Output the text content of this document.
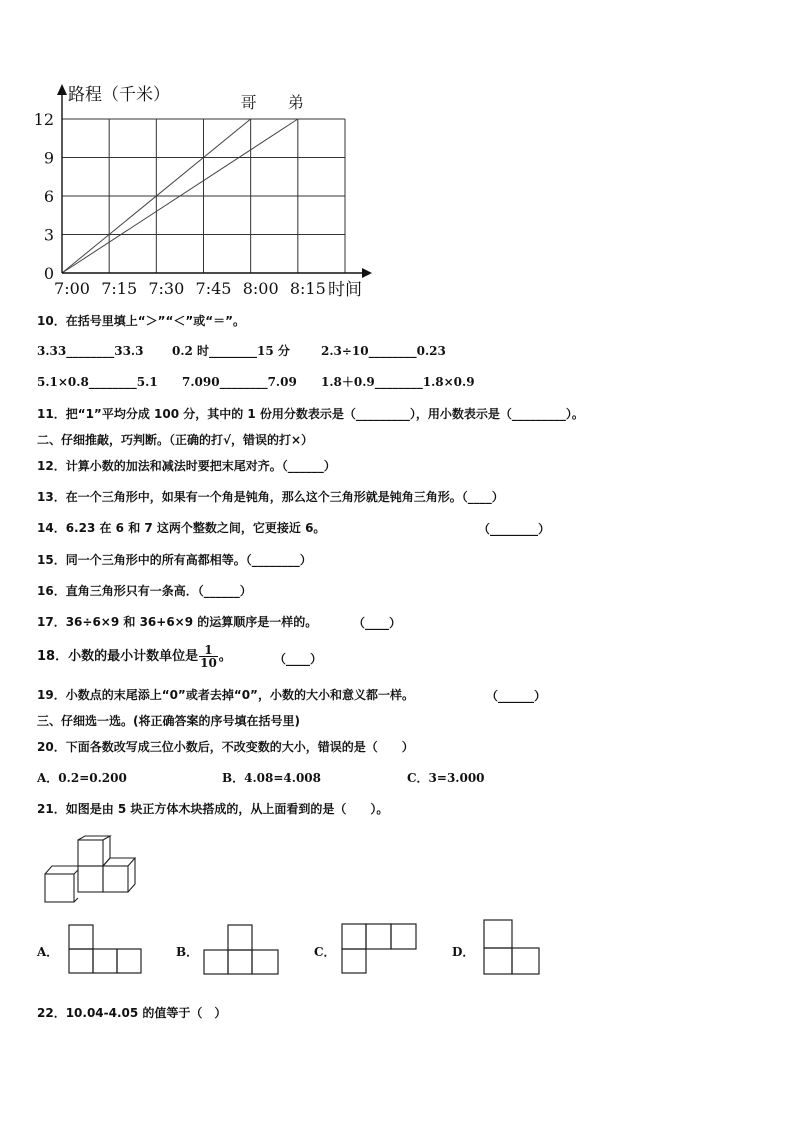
哥 弟
0
3
6
9
12
7:00 7:15 7:30 7:45 8:00 8:15
路程（千米）
时间
10．在括号里填上“＞”“＜”或“＝”。
3.33________33.3 0.2 时________15 分	2.3÷10________0.23
5.1×0.8________5.1 7.090________7.09 1.8＋0.9________1.8×0.9
11．把“1”平均分成 100 分，其中的 1 份用分数表示是（_________），用小数表示是（_________）。
二、仔细推敲，巧判断。（正确的打√，错误的打×）
12．计算小数的加法和减法时要把末尾对齐。（______）
13．在一个三角形中，如果有一个角是钝角，那么这个三角形就是钝角三角形。（____）
14．6.23 在 6 和 7 这两个整数之间，它更接近 6。	（________）
15．同一个三角形中的所有高都相等。（________）
16．直角三角形只有一条高．（______）
17．36÷6×9 和 36+6×9 的运算顺序是一样的。	（____）
18．小数的最小计数单位是 $\frac{1}{10}$ 。	（____）
19．小数点的末尾添上“0”或者去掉“0”，小数的大小和意义都一样。	（______）
三、仔细选一选。(将正确答案的序号填在括号里)
20．下面各数改写成三位小数后，不改变数的大小，错误的是（　　）
A．0.2=0.200	B．4.08=4.008	C．3=3.000
21．如图是由 5 块正方体木块搭成的，从上面看到的是（　　）。
A．	B．	C．	D．
22．10.04-4.05 的值等于（　）
